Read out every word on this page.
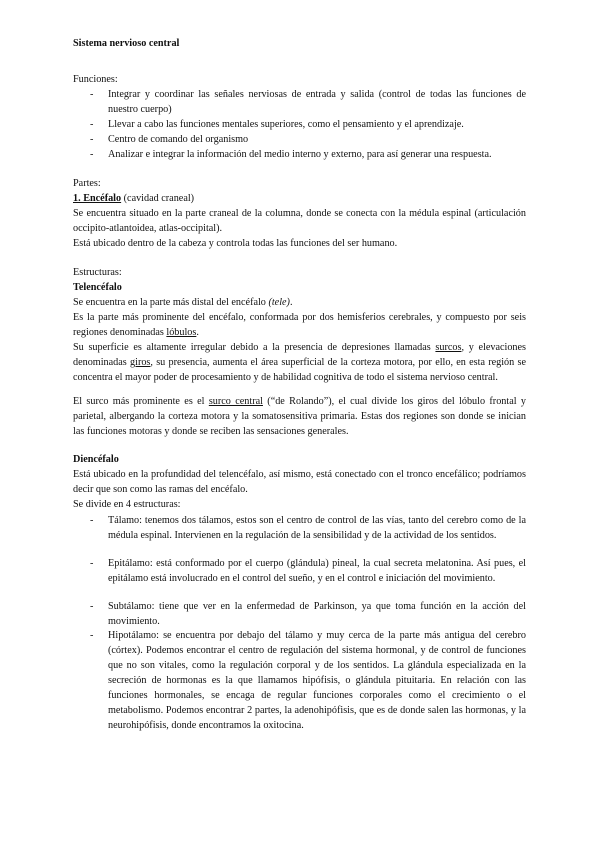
Sistema nervioso central
Funciones:
- Integrar y coordinar las señales nerviosas de entrada y salida (control de todas las funciones de nuestro cuerpo)
- Llevar a cabo las funciones mentales superiores, como el pensamiento y el aprendizaje.
- Centro de comando del organismo
- Analizar e integrar la información del medio interno y externo, para así generar una respuesta.
Partes:
1. Encéfalo (cavidad craneal)
Se encuentra situado en la parte craneal de la columna, donde se conecta con la médula espinal (articulación occipito-atlantoidea, atlas-occipital).
Está ubicado dentro de la cabeza y controla todas las funciones del ser humano.
Estructuras:
Telencéfalo
Se encuentra en la parte más distal del encéfalo (tele).
Es la parte más prominente del encéfalo, conformada por dos hemisferios cerebrales, y compuesto por seis regiones denominadas lóbulos.
Su superficie es altamente irregular debido a la presencia de depresiones llamadas surcos, y elevaciones denominadas giros, su presencia, aumenta el área superficial de la corteza motora, por ello, en esta región se concentra el mayor poder de procesamiento y de habilidad cognitiva de todo el sistema nervioso central.
El surco más prominente es el surco central (“de Rolando”), el cual divide los giros del lóbulo frontal y parietal, albergando la corteza motora y la somatosensitiva primaria. Estas dos regiones son donde se inician las funciones motoras y donde se reciben las sensaciones generales.
Diencéfalo
Está ubicado en la profundidad del telencéfalo, así mismo, está conectado con el tronco encefálico; podríamos decir que son como las ramas del encéfalo.
Se divide en 4 estructuras:
- Tálamo: tenemos dos tálamos, estos son el centro de control de las vías, tanto del cerebro como de la médula espinal. Intervienen en la regulación de la sensibilidad y de la actividad de los sentidos.
- Epitálamo: está conformado por el cuerpo (glándula) pineal, la cual secreta melatonina. Así pues, el epitálamo está involucrado en el control del sueño, y en el control e iniciación del movimiento.
- Subtálamo: tiene que ver en la enfermedad de Parkinson, ya que toma función en la acción del movimiento.
- Hipotálamo: se encuentra por debajo del tálamo y muy cerca de la parte más antigua del cerebro (córtex). Podemos encontrar el centro de regulación del sistema hormonal, y de control de funciones que no son vitales, como la regulación corporal y de los sentidos. La glándula especializada en la secreción de hormonas es la que llamamos hipófisis, o glándula pituitaria. En relación con las funciones hormonales, se encaga de regular funciones corporales como el crecimiento o el metabolismo. Podemos encontrar 2 partes, la adenohipófisis, que es de donde salen las hormonas, y la neurohipófisis, donde encontramos la oxitocina.
